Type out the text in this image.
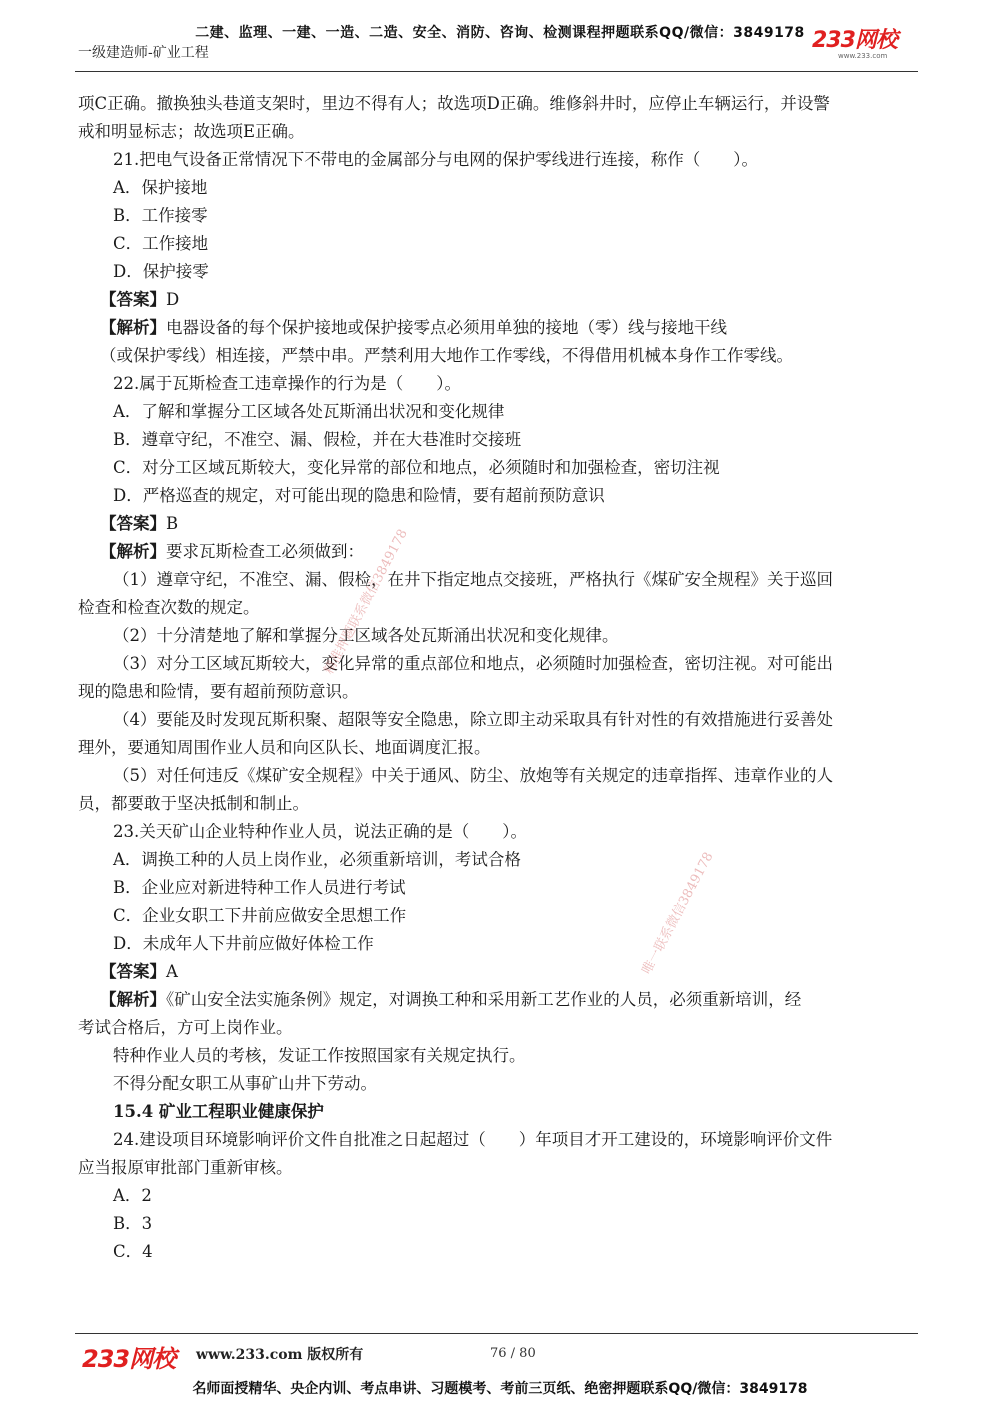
二建、监理、一建、一造、二造、安全、消防、咨询、检测课程押题联系QQ/微信：3849178
一级建造师-矿业工程	233网校
www.233.com
项C正确。撤换独头巷道支架时，里边不得有人；故选项D正确。维修斜井时，应停止车辆运行，并设警
戒和明显标志；故选项E正确。
21.把电气设备正常情况下不带电的金属部分与电网的保护零线进行连接，称作（　　）。
A．保护接地
B．工作接零
C．工作接地
D．保护接零
【答案】D
【解析】电器设备的每个保护接地或保护接零点必须用单独的接地（零）线与接地干线
（或保护零线）相连接，严禁中串。严禁利用大地作工作零线，不得借用机械本身作工作零线。
22.属于瓦斯检查工违章操作的行为是（　　）。
A．了解和掌握分工区域各处瓦斯涌出状况和变化规律
B．遵章守纪，不准空、漏、假检，并在大巷准时交接班
C．对分工区域瓦斯较大，变化异常的部位和地点，必须随时和加强检查，密切注视
D．严格巡查的规定，对可能出现的隐患和险情，要有超前预防意识
【答案】B
【解析】要求瓦斯检查工必须做到：
（1）遵章守纪，不准空、漏、假检，在井下指定地点交接班，严格执行《煤矿安全规程》关于巡回
检查和检查次数的规定。
（2）十分清楚地了解和掌握分工区域各处瓦斯涌出状况和变化规律。
（3）对分工区域瓦斯较大，变化异常的重点部位和地点，必须随时加强检查，密切注视。对可能出
现的隐患和险情，要有超前预防意识。
（4）要能及时发现瓦斯积聚、超限等安全隐患，除立即主动采取具有针对性的有效措施进行妥善处
理外，要通知周围作业人员和向区队长、地面调度汇报。
（5）对任何违反《煤矿安全规程》中关于通风、防尘、放炮等有关规定的违章指挥、违章作业的人
员，都要敢于坚决抵制和制止。
23.关天矿山企业特种作业人员，说法正确的是（　　）。
A．调换工种的人员上岗作业，必须重新培训，考试合格
B．企业应对新进特种工作人员进行考试
C．企业女职工下井前应做安全思想工作
D．未成年人下井前应做好体检工作
【答案】A
【解析】《矿山安全法实施条例》规定，对调换工种和采用新工艺作业的人员，必须重新培训，经
考试合格后，方可上岗作业。
特种作业人员的考核，发证工作按照国家有关规定执行。
不得分配女职工从事矿山井下劳动。
15.4 矿业工程职业健康保护
24.建设项目环境影响评价文件自批准之日起超过（　　）年项目才开工建设的，环境影响评价文件
应当报原审批部门重新审核。
A．2
B．3
C．4
精准押题联系微信3849178
唯一联系微信3849178
233网校 www.233.com 版权所有	76 / 80
名师面授精华、央企内训、考点串讲、习题模考、考前三页纸、绝密押题联系QQ/微信：3849178
